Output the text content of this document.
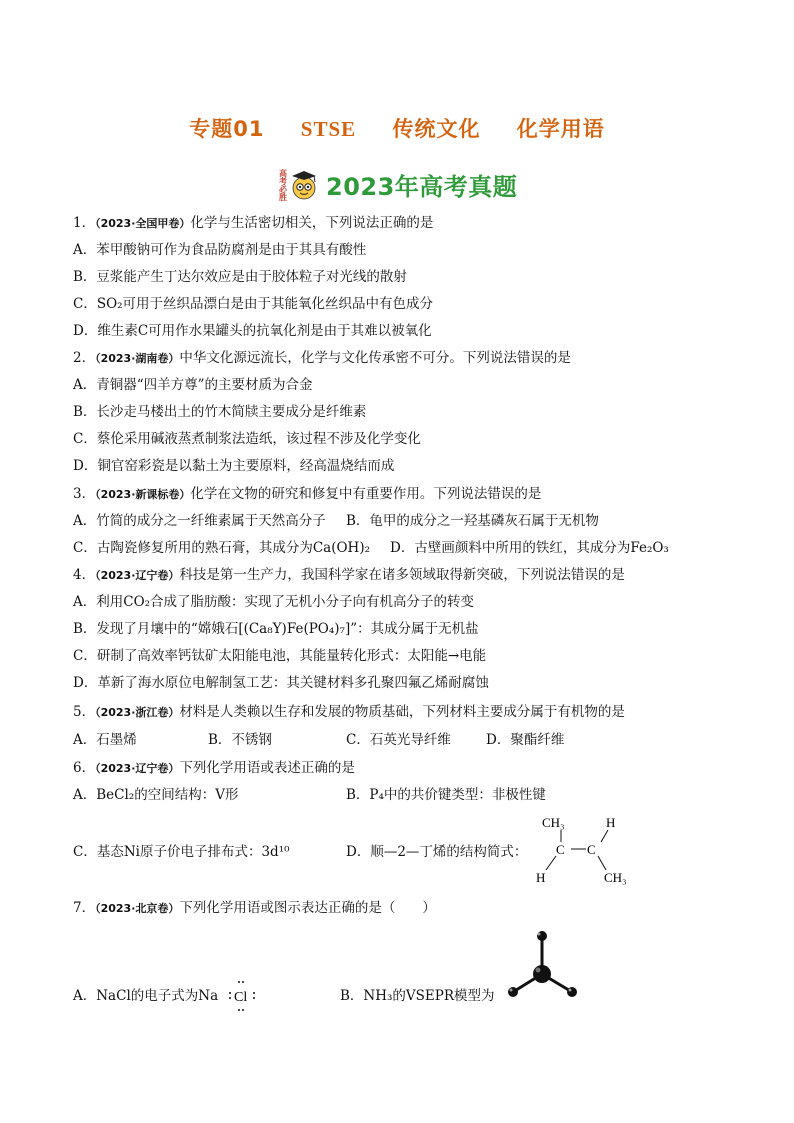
专题01 STSE 传统文化 化学用语
高
考
必
胜 2023年高考真题
1．（2023·全国甲卷）化学与生活密切相关，下列说法正确的是
A．苯甲酸钠可作为食品防腐剂是由于其具有酸性
B．豆浆能产生丁达尔效应是由于胶体粒子对光线的散射
C．SO₂可用于丝织品漂白是由于其能氧化丝织品中有色成分
D．维生素C可用作水果罐头的抗氧化剂是由于其难以被氧化
2．（2023·湖南卷）中华文化源远流长，化学与文化传承密不可分。下列说法错误的是
A．青铜器“四羊方尊”的主要材质为合金
B．长沙走马楼出土的竹木简牍主要成分是纤维素
C．蔡伦采用碱液蒸煮制浆法造纸，该过程不涉及化学变化
D．铜官窑彩瓷是以黏土为主要原料，经高温烧结而成
3．（2023·新课标卷）化学在文物的研究和修复中有重要作用。下列说法错误的是
A．竹简的成分之一纤维素属于天然高分子 B．龟甲的成分之一羟基磷灰石属于无机物
C．古陶瓷修复所用的熟石膏，其成分为Ca(OH)₂ D．古壁画颜料中所用的铁红，其成分为Fe₂O₃
4．（2023·辽宁卷）科技是第一生产力，我国科学家在诸多领域取得新突破，下列说法错误的是
A．利用CO₂合成了脂肪酸：实现了无机小分子向有机高分子的转变
B．发现了月壤中的“嫦娥石[(Ca₈Y)Fe(PO₄)₇]”：其成分属于无机盐
C．研制了高效率钙钛矿太阳能电池，其能量转化形式：太阳能→电能
D．革新了海水原位电解制氢工艺：其关键材料多孔聚四氟乙烯耐腐蚀
5．（2023·浙江卷）材料是人类赖以生存和发展的物质基础，下列材料主要成分属于有机物的是
A．石墨烯	B．不锈钢	C．石英光导纤维	D．聚酯纤维
6．（2023·辽宁卷）下列化学用语或表述正确的是
A．BeCl₂的空间结构：V形	B．P₄中的共价键类型：非极性键
C．基态Ni原子价电子排布式：3d¹⁰	D．顺—2—丁烯的结构简式：
CH₃	H
C C
H	CH₃
7．（2023·北京卷）下列化学用语或图示表达正确的是（　　）
A．NaCl的电子式为Na Cl	B．NH₃的VSEPR模型为
